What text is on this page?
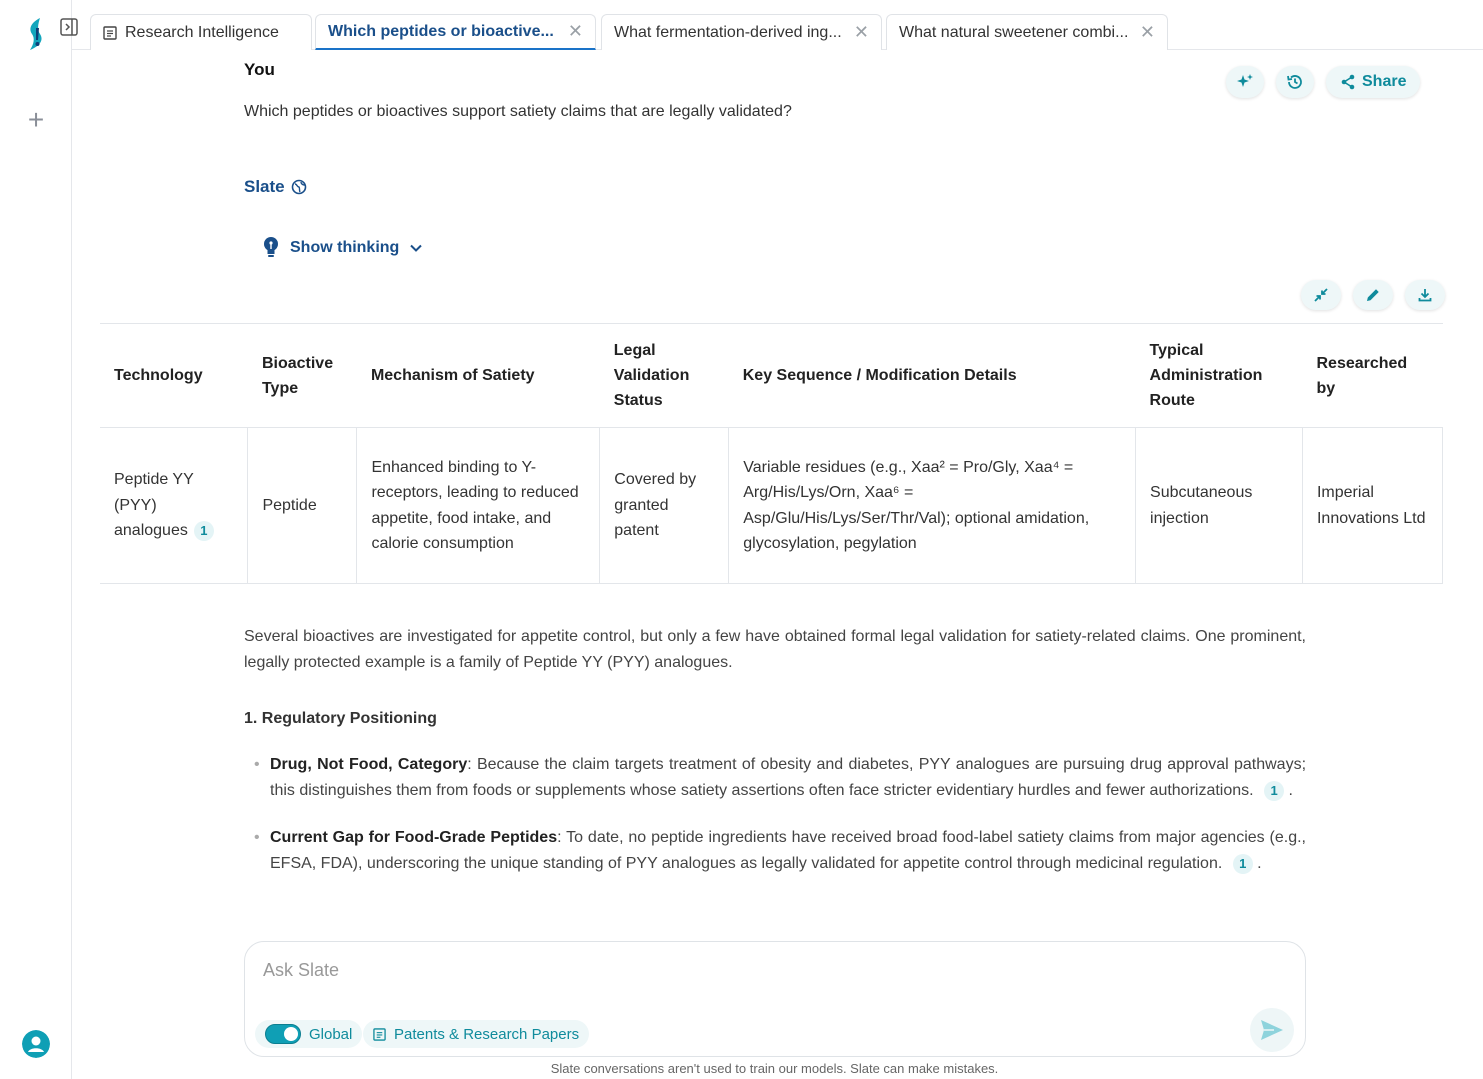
+
Research Intelligence	Which peptides or bioactive... ✕ What fermentation-derived ing... ✕ What natural sweetener combi... ✕
You
Which peptides or bioactives support satiety claims that are legally validated?
Share
Slate
Show thinking
Technology	Bioactive Type	Mechanism of Satiety	Legal Validation Status	Key Sequence / Modification Details	Typical Administration Route	Researched by
Peptide YY (PYY) analogues 1	Peptide	Enhanced binding to Y-receptors, leading to reduced appetite, food intake, and calorie consumption	Covered by granted patent	Variable residues (e.g., Xaa² = Pro/Gly, Xaa⁴ = Arg/His/Lys/Orn, Xaa⁶ = Asp/Glu/His/Lys/Ser/Thr/Val); optional amidation, glycosylation, pegylation	Subcutaneous injection	Imperial Innovations Ltd
Several bioactives are investigated for appetite control, but only a few have obtained formal legal validation for satiety-related claims. One prominent, legally protected example is a family of Peptide YY (PYY) analogues.
1. Regulatory Positioning
• Drug, Not Food, Category: Because the claim targets treatment of obesity and diabetes, PYY analogues are pursuing drug approval pathways; this distinguishes them from foods or supplements whose satiety assertions often face stricter evidentiary hurdles and fewer authorizations. 1 .
• Current Gap for Food-Grade Peptides: To date, no peptide ingredients have received broad food-label satiety claims from major agencies (e.g., EFSA, FDA), underscoring the unique standing of PYY analogues as legally validated for appetite control through medicinal regulation. 1 .
Ask Slate
Global	Patents & Research Papers
Slate conversations aren't used to train our models. Slate can make mistakes.
